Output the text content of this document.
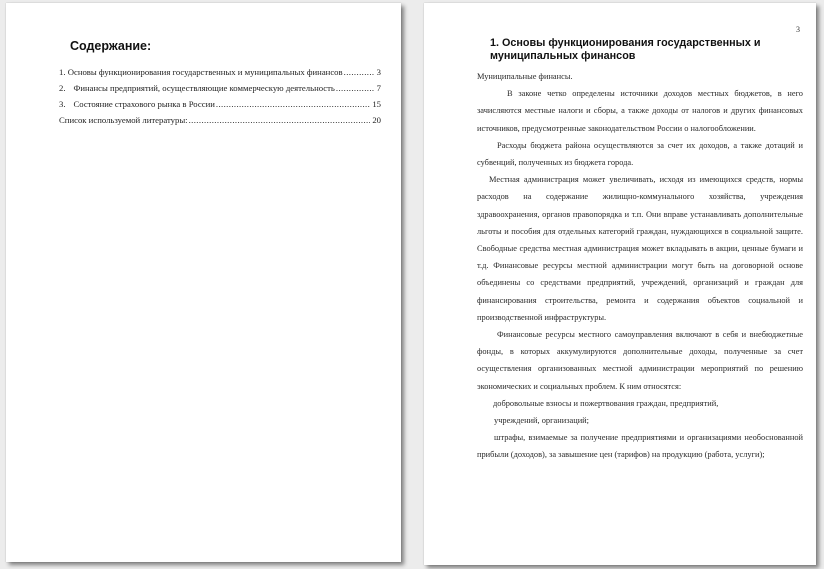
Содержание:
1.
Основы функционирования государственных и муниципальных финансов .....	3
2. Финансы предприятий, осуществляющие коммерческую деятельность .....	7
3. Состояние страхового рынка в России .....	15
Список используемой литературы: .....	20
3
1. Основы функционирования государственных и
муниципальных финансов

Муниципальные финансы.

В законе четко определены источники доходов местных бюджетов, в него зачисляются местные налоги и сборы, а также доходы от налогов и других финансовых источников, предусмотренные законодательством России о налогообложении.

Расходы бюджета района осуществляются за счет их доходов, а также дотаций и субвенций, полученных из бюджета города.

Местная администрация может увеличивать, исходя из имеющихся средств, нормы расходов на содержание жилищно-коммунального хозяйства, учреждения здравоохранения, органов правопорядка и т.п. Они вправе устанавливать дополнительные льготы и пособия для отдельных категорий граждан, нуждающихся в социальной защите. Свободные средства местная администрация может вкладывать в акции, ценные бумаги и т.д. Финансовые ресурсы местной администрации могут быть на договорной основе объединены со средствами предприятий, учреждений, организаций и граждан для финансирования строительства, ремонта и содержания объектов социальной и производственной инфраструктуры.

Финансовые ресурсы местного самоуправления включают в себя и внебюджетные фонды, в которых аккумулируются дополнительные доходы, полученные за счет осуществления организованных местной администрации мероприятий по решению экономических и социальных проблем. К ним относятся:

добровольные взносы и пожертвования граждан, предприятий,

учреждений, организаций;

штрафы, взимаемые за получение предприятиями и организациями необоснованной прибыли (доходов), за завышение цен (тарифов) на продукцию (работа, услуги);
